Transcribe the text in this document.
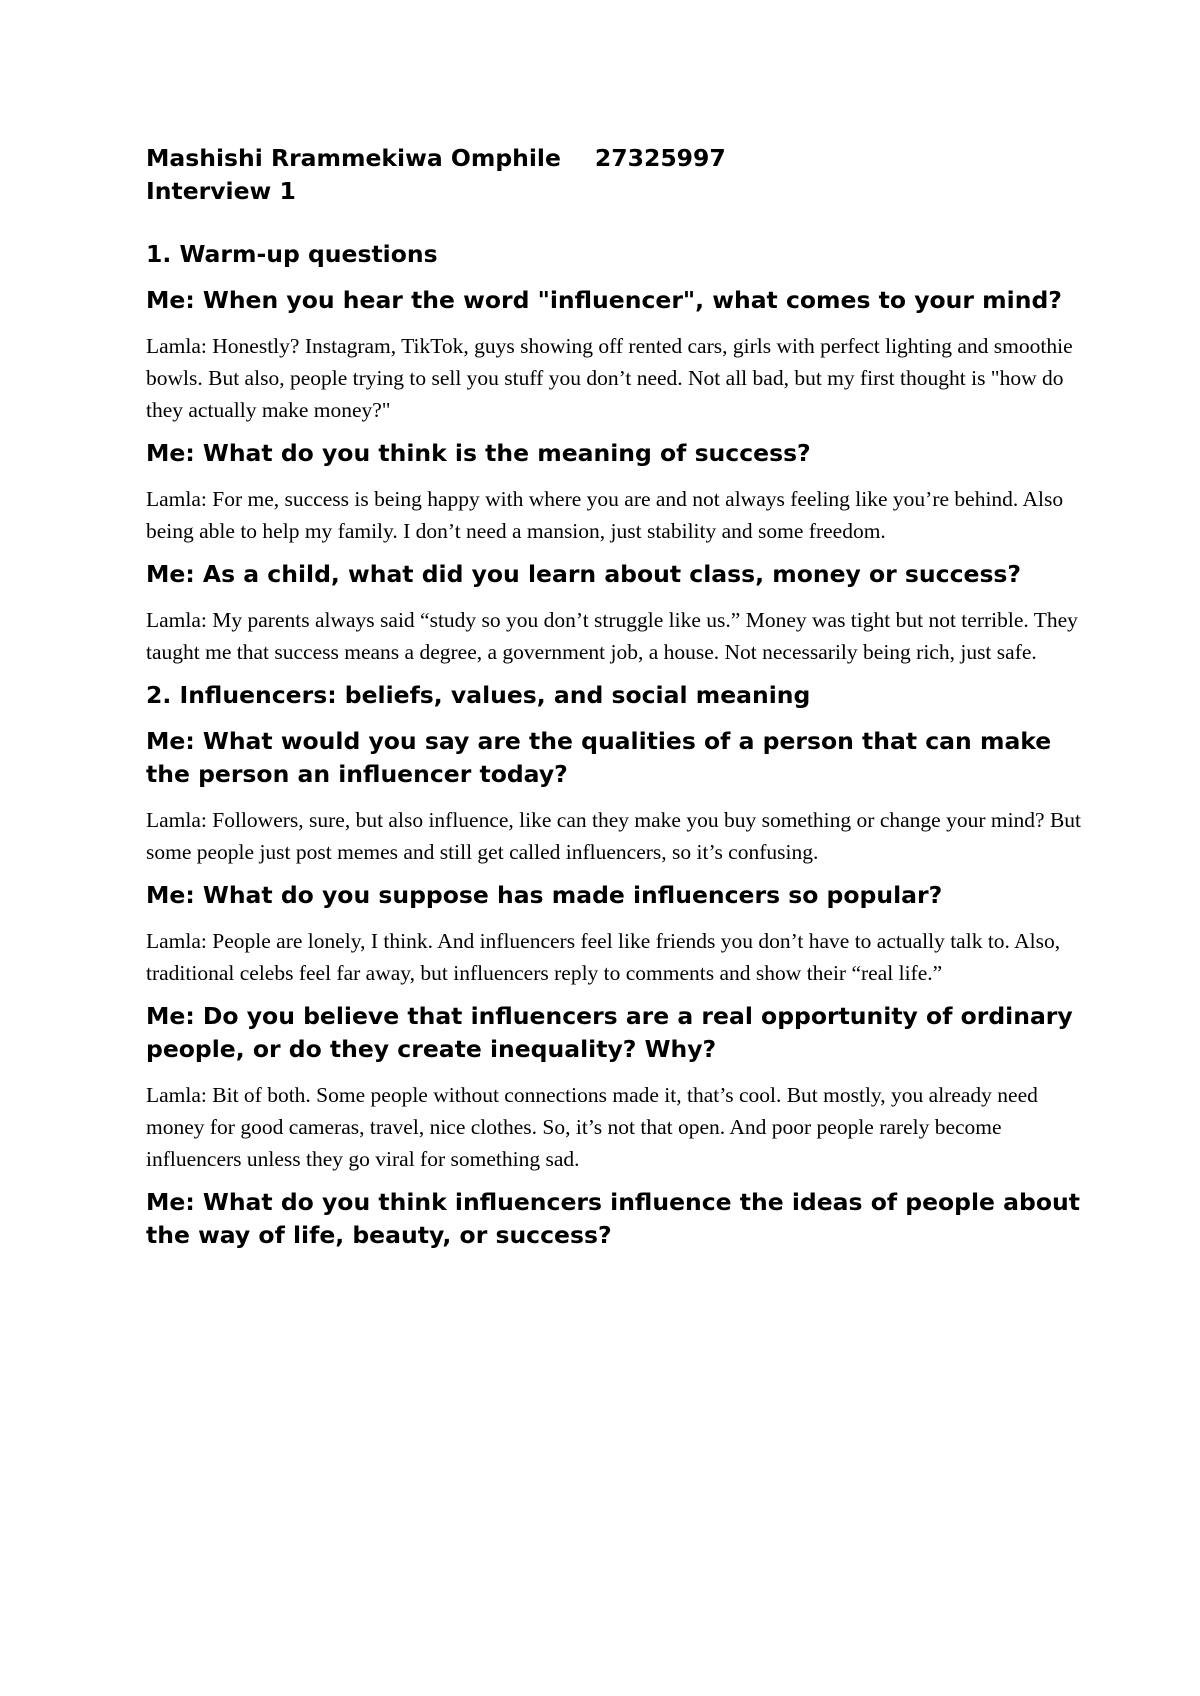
Mashishi Rrammekiwa Omphile 27325997
Interview 1
1. Warm-up questions
Me: When you hear the word "influencer", what comes to your mind?
Lamla: Honestly? Instagram, TikTok, guys showing off rented cars, girls with perfect lighting and smoothie bowls. But also, people trying to sell you stuff you don’t need. Not all bad, but my first thought is "how do they actually make money?"
Me: What do you think is the meaning of success?
Lamla: For me, success is being happy with where you are and not always feeling like you’re behind. Also being able to help my family. I don’t need a mansion, just stability and some freedom.
Me: As a child, what did you learn about class, money or success?
Lamla: My parents always said “study so you don’t struggle like us.” Money was tight but not terrible. They taught me that success means a degree, a government job, a house. Not necessarily being rich, just safe.
2. Influencers: beliefs, values, and social meaning
Me: What would you say are the qualities of a person that can make the person an influencer today?
Lamla: Followers, sure, but also influence, like can they make you buy something or change your mind? But some people just post memes and still get called influencers, so it’s confusing.
Me: What do you suppose has made influencers so popular?
Lamla: People are lonely, I think. And influencers feel like friends you don’t have to actually talk to. Also, traditional celebs feel far away, but influencers reply to comments and show their “real life.”
Me: Do you believe that influencers are a real opportunity of ordinary people, or do they create inequality? Why?
Lamla: Bit of both. Some people without connections made it, that’s cool. But mostly, you already need money for good cameras, travel, nice clothes. So, it’s not that open. And poor people rarely become influencers unless they go viral for something sad.
Me: What do you think influencers influence the ideas of people about the way of life, beauty, or success?
